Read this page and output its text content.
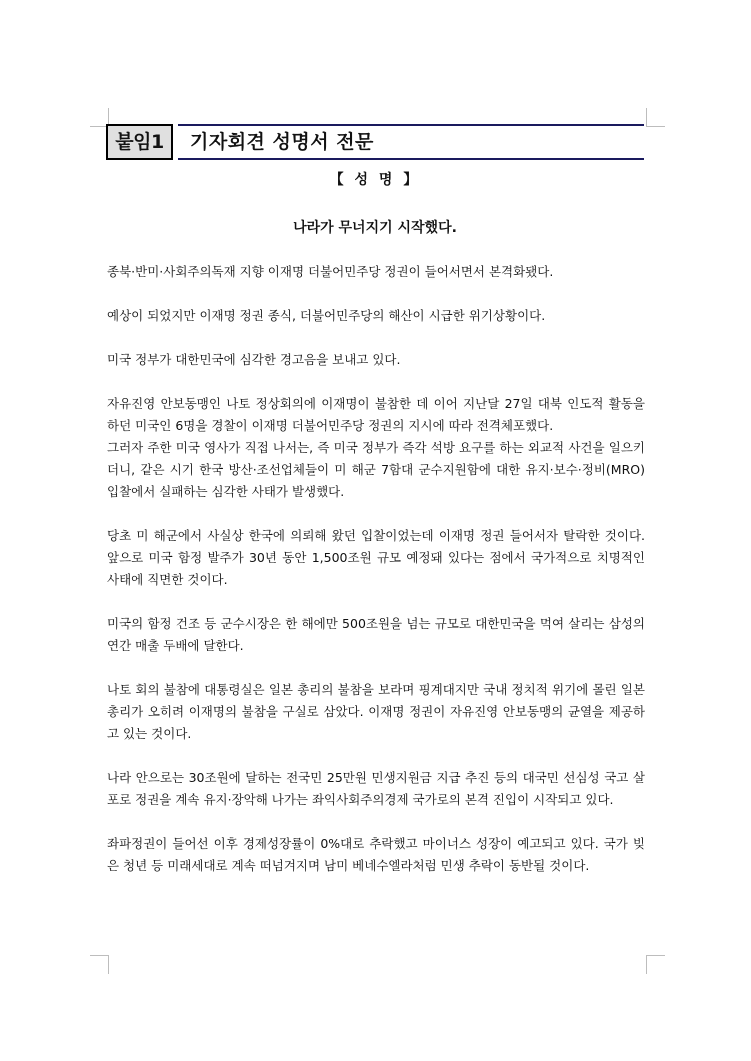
붙임1	기자회견 성명서 전문
【 성 명 】
나라가 무너지기 시작했다.

종북·반미·사회주의독재 지향 이재명 더불어민주당 정권이 들어서면서 본격화됐다.

예상이 되었지만 이재명 정권 종식, 더불어민주당의 해산이 시급한 위기상황이다.

미국 정부가 대한민국에 심각한 경고음을 보내고 있다.

자유진영 안보동맹인 나토 정상회의에 이재명이 불참한 데 이어 지난달 27일 대북 인도적 활동을 하던 미국인 6명을 경찰이 이재명 더불어민주당 정권의 지시에 따라 전격체포했다.

그러자 주한 미국 영사가 직접 나서는, 즉 미국 정부가 즉각 석방 요구를 하는 외교적 사건을 일으키더니, 같은 시기 한국 방산·조선업체들이 미 해군 7함대 군수지원함에 대한 유지·보수·정비(MRO) 입찰에서 실패하는 심각한 사태가 발생했다.

당초 미 해군에서 사실상 한국에 의뢰해 왔던 입찰이었는데 이재명 정권 들어서자 탈락한 것이다. 앞으로 미국 함정 발주가 30년 동안 1,500조원 규모 예정돼 있다는 점에서 국가적으로 치명적인 사태에 직면한 것이다.

미국의 함정 건조 등 군수시장은 한 해에만 500조원을 넘는 규모로 대한민국을 먹여 살리는 삼성의 연간 매출 두배에 달한다.

나토 회의 불참에 대통령실은 일본 총리의 불참을 보라며 핑계대지만 국내 정치적 위기에 몰린 일본 총리가 오히려 이재명의 불참을 구실로 삼았다. 이재명 정권이 자유진영 안보동맹의 균열을 제공하고 있는 것이다.

나라 안으로는 30조원에 달하는 전국민 25만원 민생지원금 지급 추진 등의 대국민 선심성 국고 살포로 정권을 계속 유지·장악해 나가는 좌익사회주의경제 국가로의 본격 진입이 시작되고 있다.

좌파정권이 들어선 이후 경제성장률이 0%대로 추락했고 마이너스 성장이 예고되고 있다. 국가 빚은 청년 등 미래세대로 계속 떠넘겨지며 남미 베네수엘라처럼 민생 추락이 동반될 것이다.
